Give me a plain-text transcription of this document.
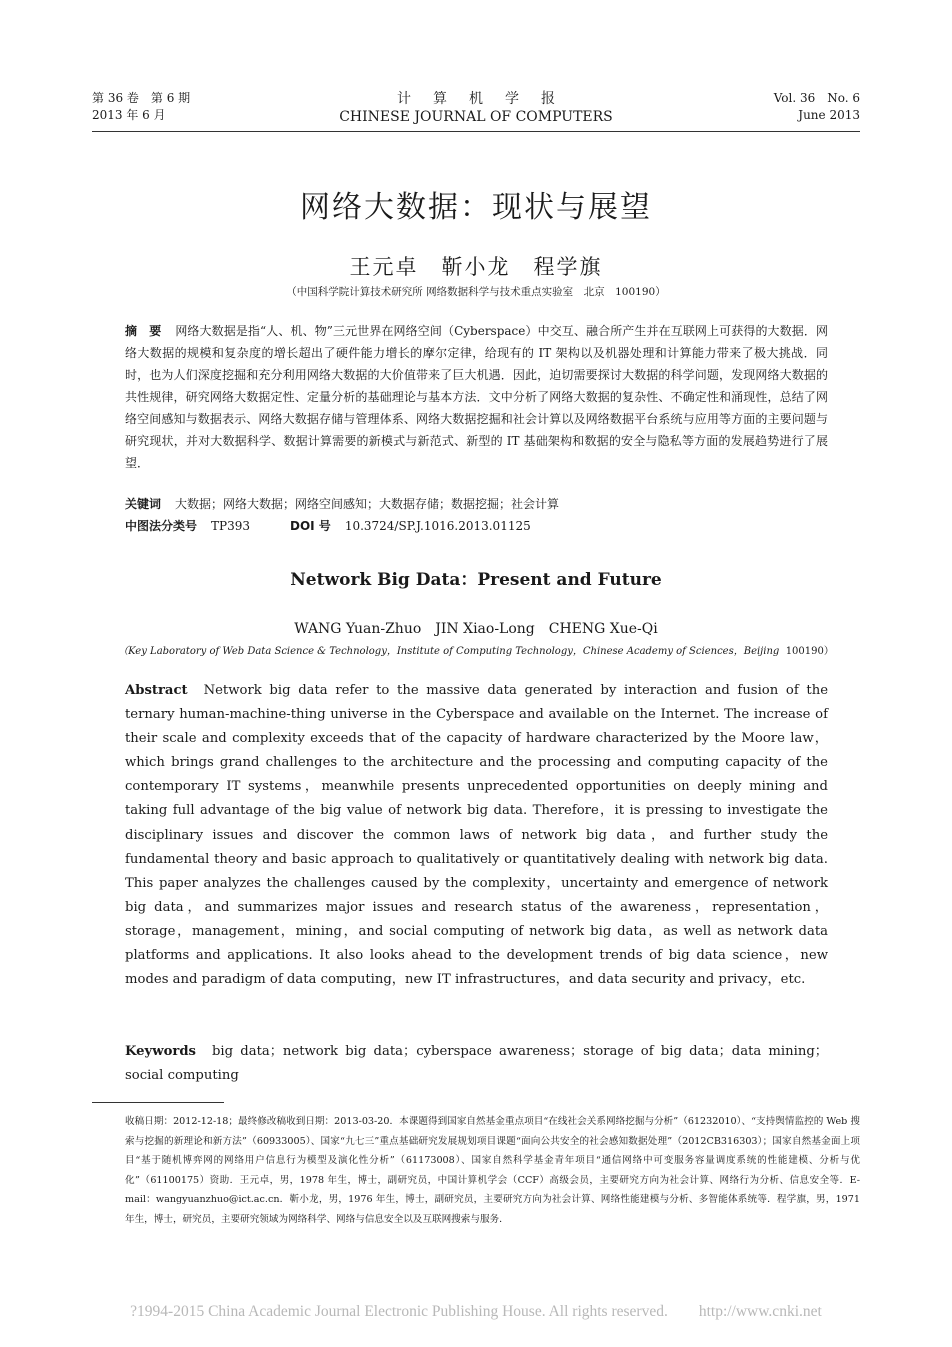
第 36 卷　第 6 期
2013 年 6 月
计算机学报
CHINESE JOURNAL OF COMPUTERS
Vol. 36　No. 6
June 2013
网络大数据：现状与展望
王元卓　靳小龙　程学旗
（中国科学院计算技术研究所 网络数据科学与技术重点实验室　北京　100190）
摘　要 网络大数据是指“人、机、物”三元世界在网络空间（Cyberspace）中交互、融合所产生并在互联网上可获得的大数据．网络大数据的规模和复杂度的增长超出了硬件能力增长的摩尔定律，给现有的 IT 架构以及机器处理和计算能力带来了极大挑战．同时，也为人们深度挖掘和充分利用网络大数据的大价值带来了巨大机遇．因此，迫切需要探讨大数据的科学问题，发现网络大数据的共性规律，研究网络大数据定性、定量分析的基础理论与基本方法．文中分析了网络大数据的复杂性、不确定性和涌现性，总结了网络空间感知与数据表示、网络大数据存储与管理体系、网络大数据挖掘和社会计算以及网络数据平台系统与应用等方面的主要问题与研究现状，并对大数据科学、数据计算需要的新模式与新范式、新型的 IT 基础架构和数据的安全与隐私等方面的发展趋势进行了展望．
关键词 大数据；网络大数据；网络空间感知；大数据存储；数据挖掘；社会计算
中图法分类号 TP393	DOI 号 10.3724/SP.J.1016.2013.01125
Network Big Data：Present and Future
WANG Yuan-Zhuo　JIN Xiao-Long　CHENG Xue-Qi
（Key Laboratory of Web Data Science & Technology，Institute of Computing Technology，Chinese Academy of Sciences，Beijing 100190）
Abstract Network big data refer to the massive data generated by interaction and fusion of the ternary human-machine-thing universe in the Cyberspace and available on the Internet. The increase of their scale and complexity exceeds that of the capacity of hardware characterized by the Moore law，which brings grand challenges to the architecture and the processing and computing capacity of the contemporary IT systems，meanwhile presents unprecedented opportunities on deeply mining and taking full advantage of the big value of network big data. Therefore，it is pressing to investigate the disciplinary issues and discover the common laws of network big data，and further study the fundamental theory and basic approach to qualitatively or quantitatively dealing with network big data. This paper analyzes the challenges caused by the complexity，uncertainty and emergence of network big data，and summarizes major issues and research status of the awareness，representation，storage，management，mining，and social computing of network big data，as well as network data platforms and applications. It also looks ahead to the development trends of big data science，new modes and paradigm of data computing，new IT infrastructures，and data security and privacy，etc.
Keywords big data；network big data；cyberspace awareness；storage of big data；data mining；social computing
收稿日期：2012-12-18；最终修改稿收到日期：2013-03-20．本课题得到国家自然基金重点项目“在线社会关系网络挖掘与分析”（61232010）、“支持舆情监控的 Web 搜索与挖掘的新理论和新方法”（60933005）、国家“九七三”重点基础研究发展规划项目课题“面向公共安全的社会感知数据处理”（2012CB316303）；国家自然基金面上项目“基于随机博弈网的网络用户信息行为模型及演化性分析”（61173008）、国家自然科学基金青年项目“通信网络中可变服务容量调度系统的性能建模、分析与优化”（61100175）资助．王元卓，男，1978 年生，博士，副研究员，中国计算机学会（CCF）高级会员，主要研究方向为社会计算、网络行为分析、信息安全等．E-mail：wangyuanzhuo@ict.ac.cn．靳小龙，男，1976 年生，博士，副研究员，主要研究方向为社会计算、网络性能建模与分析、多智能体系统等．程学旗，男，1971 年生，博士，研究员，主要研究领域为网络科学、网络与信息安全以及互联网搜索与服务．
?1994-2015 China Academic Journal Electronic Publishing House. All rights reserved.　　http://www.cnki.net
